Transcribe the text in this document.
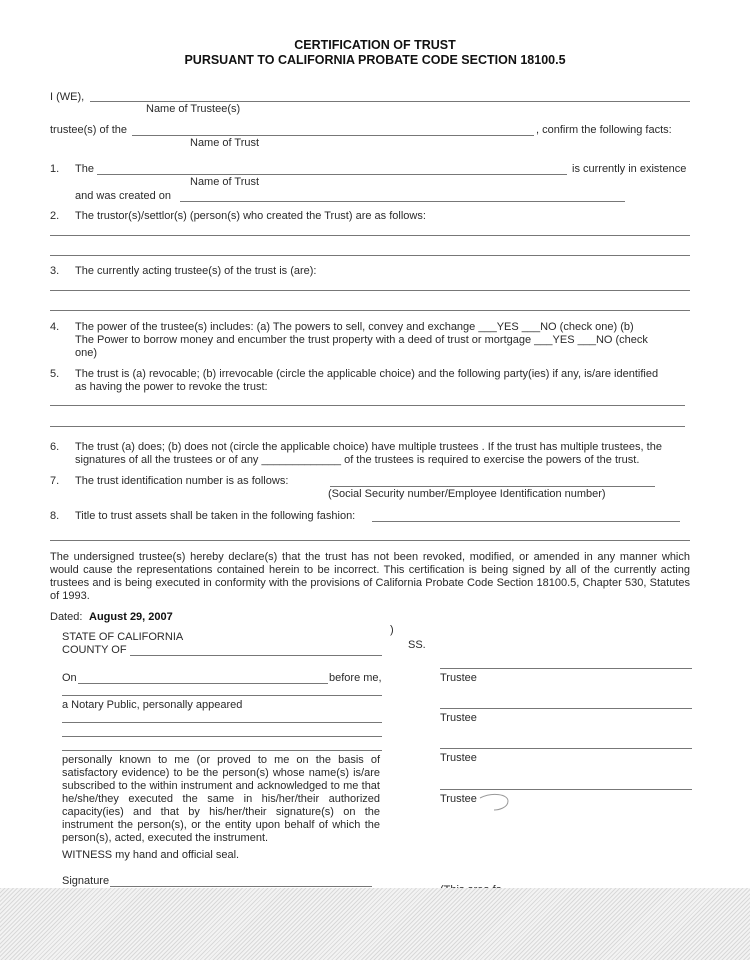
CERTIFICATION OF TRUST
PURSUANT TO CALIFORNIA PROBATE CODE SECTION 18100.5
I (WE),
Name of Trustee(s)
trustee(s) of the	, confirm the following facts:
Name of Trust
1. The	is currently in existence
Name of Trust
and was created on
2. The trustor(s)/settlor(s) (person(s) who created the Trust) are as follows:
3. The currently acting trustee(s) of the trust is (are):
4. The power of the trustee(s) includes: (a) The powers to sell, convey and exchange ___YES ___NO (check one) (b)
The Power to borrow money and encumber the trust property with a deed of trust or mortgage ___YES ___NO (check
one)
5. The trust is (a) revocable; (b) irrevocable (circle the applicable choice) and the following party(ies) if any, is/are identified
as having the power to revoke the trust:
6. The trust (a) does; (b) does not (circle the applicable choice) have multiple trustees . If the trust has multiple trustees, the
signatures of all the trustees or of any _____________ of the trustees is required to exercise the powers of the trust.
7. The trust identification number is as follows:
(Social Security number/Employee Identification number)
8. Title to trust assets shall be taken in the following fashion:
The undersigned trustee(s) hereby declare(s) that the trust has not been revoked, modified, or amended in any manner which would cause the representations contained herein to be incorrect. This certification is being signed by all of the currently acting trustees and is being executed in conformity with the provisions of California Probate Code Section 18100.5, Chapter 530, Statutes of 1993.
Dated: August 29, 2007
STATE OF CALIFORNIA
COUNTY OF
)
SS.
On	before me,
a Notary Public, personally appeared
personally known to me (or proved to me on the basis of satisfactory evidence) to be the person(s) whose name(s) is/are subscribed to the within instrument and acknowledged to me that he/she/they executed the same in his/her/their authorized capacity(ies) and that by his/her/their signature(s) on the instrument the person(s), or the entity upon behalf of which the person(s), acted, executed the instrument.
WITNESS my hand and official seal.
Signature
Trustee
Trustee
Trustee
Trustee
